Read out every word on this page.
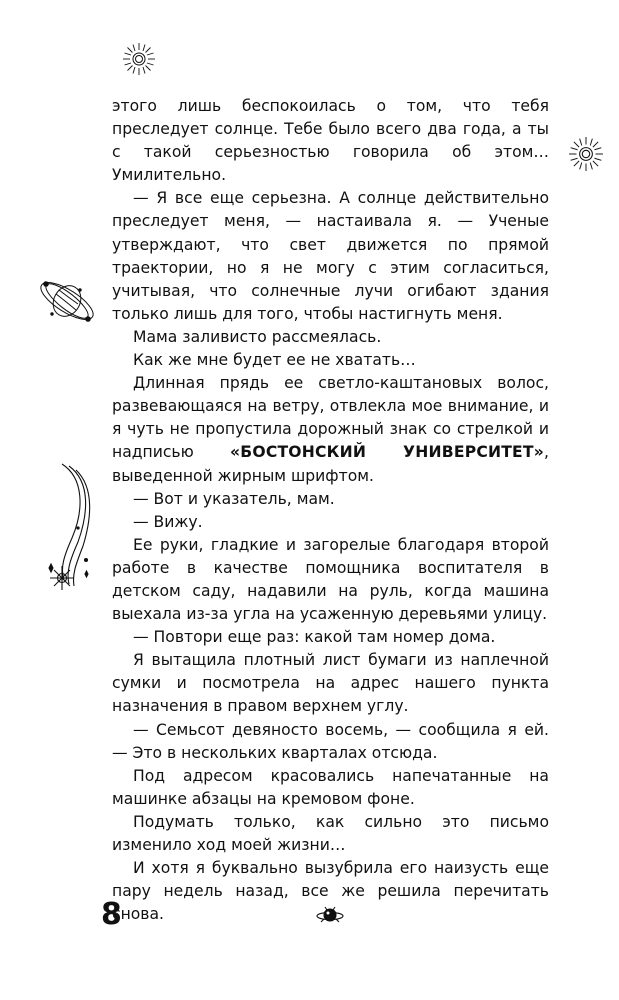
этого лишь беспокоилась о том, что тебя преследует солнце. Тебе было всего два года, а ты с такой серьезностью говорила об этом… Умилительно.

— Я все еще серьезна. А солнце действительно преследует меня, — настаивала я. — Ученые утверждают, что свет движется по прямой траектории, но я не могу с этим согласиться, учитывая, что солнечные лучи огибают здания только лишь для того, чтобы настигнуть меня.

Мама заливисто рассмеялась.

Как же мне будет ее не хватать…

Длинная прядь ее светло-каштановых волос, развевающаяся на ветру, отвлекла мое внимание, и я чуть не пропустила дорожный знак со стрелкой и надписью «БОСТОНСКИЙ УНИВЕРСИТЕТ», выведенной жирным шрифтом.

— Вот и указатель, мам.

— Вижу.

Ее руки, гладкие и загорелые благодаря второй работе в качестве помощника воспитателя в детском саду, надавили на руль, когда машина выехала из-за угла на усаженную деревьями улицу.

— Повтори еще раз: какой там номер дома.

Я вытащила плотный лист бумаги из наплечной сумки и посмотрела на адрес нашего пункта назначения в правом верхнем углу.

— Семьсот девяносто восемь, — сообщила я ей. — Это в нескольких кварталах отсюда.

Под адресом красовались напечатанные на машинке абзацы на кремовом фоне.

Подумать только, как сильно это письмо изменило ход моей жизни…

И хотя я буквально вызубрила его наизусть еще пару недель назад, все же решила перечитать снова.

8
